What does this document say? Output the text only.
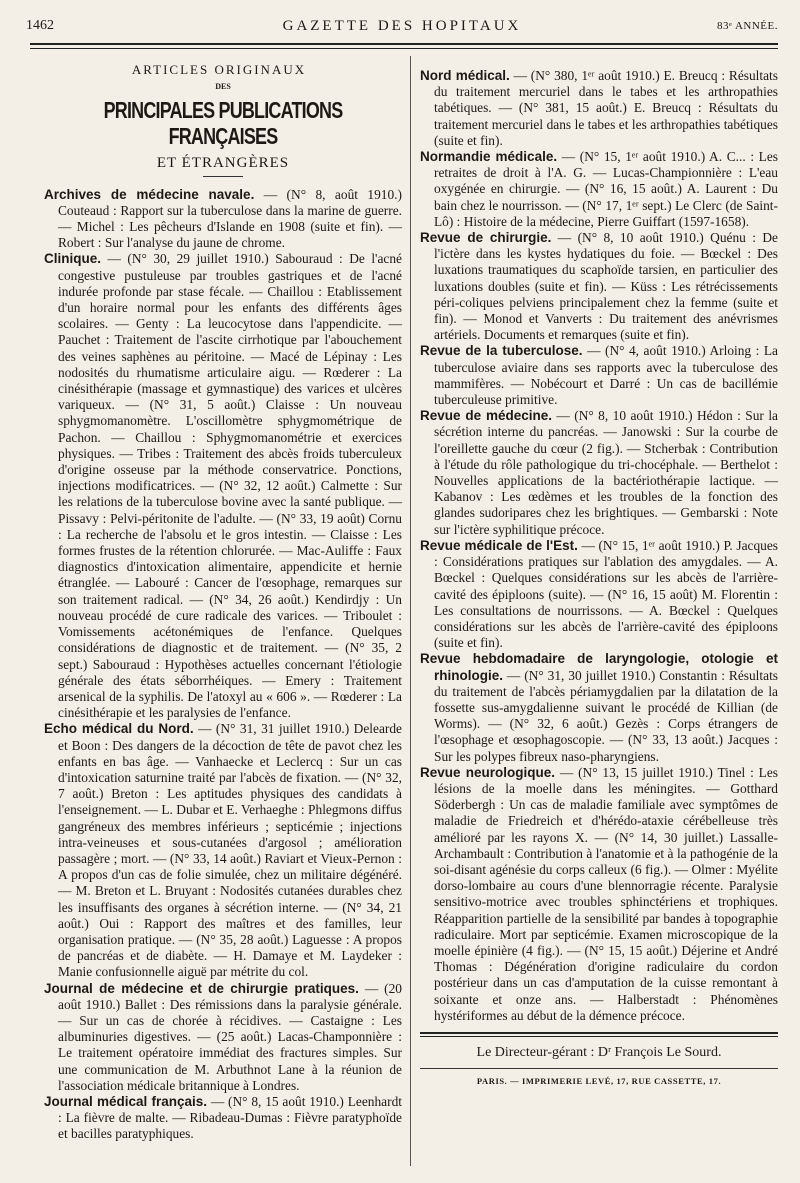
1462	GAZETTE DES HOPITAUX	83ᵉ ANNÉE.
ARTICLES ORIGINAUX
DES
PRINCIPALES PUBLICATIONS FRANÇAISES
ET ÉTRANGÈRES

Archives de médecine navale. — (N° 8, août 1910.) Couteaud : Rapport sur la tuberculose dans la marine de guerre. — Michel : Les pêcheurs d'Islande en 1908 (suite et fin). — Robert : Sur l'analyse du jaune de chrome.

Clinique. — (N° 30, 29 juillet 1910.) Sabouraud : De l'acné congestive pustuleuse par troubles gastriques et de l'acné indurée profonde par stase fécale. — Chaillou : Etablissement d'un horaire normal pour les enfants des différents âges scolaires. — Genty : La leucocytose dans l'appendicite. — Pauchet : Traitement de l'ascite cirrhotique par l'abouchement des veines saphènes au péritoine. — Macé de Lépinay : Les nodosités du rhumatisme articulaire aigu. — Rœderer : La cinésithérapie (massage et gymnastique) des varices et ulcères variqueux. — (N° 31, 5 août.) Claisse : Un nouveau sphygmomanomètre. L'oscillomètre sphygmométrique de Pachon. — Chaillou : Sphygmomanométrie et exercices physiques. — Tribes : Traitement des abcès froids tuberculeux d'origine osseuse par la méthode conservatrice. Ponctions, injections modificatrices. — (N° 32, 12 août.) Calmette : Sur les relations de la tuberculose bovine avec la santé publique. — Pissavy : Pelvi-péritonite de l'adulte. — (N° 33, 19 août) Cornu : La recherche de l'absolu et le gros intestin. — Claisse : Les formes frustes de la rétention chlorurée. — Mac-Auliffe : Faux diagnostics d'intoxication alimentaire, appendicite et hernie étranglée. — Labouré : Cancer de l'œsophage, remarques sur son traitement radical. — (N° 34, 26 août.) Kendirdjy : Un nouveau procédé de cure radicale des varices. — Triboulet : Vomissements acétonémiques de l'enfance. Quelques considérations de diagnostic et de traitement. — (N° 35, 2 sept.) Sabouraud : Hypothèses actuelles concernant l'étiologie générale des états séborrhéiques. — Emery : Traitement arsenical de la syphilis. De l'atoxyl au « 606 ». — Rœderer : La cinésithérapie et les paralysies de l'enfance.

Echo médical du Nord. — (N° 31, 31 juillet 1910.) Delearde et Boon : Des dangers de la décoction de tête de pavot chez les enfants en bas âge. — Vanhaecke et Leclercq : Sur un cas d'intoxication saturnine traité par l'abcès de fixation. — (N° 32, 7 août.) Breton : Les aptitudes physiques des candidats à l'enseignement. — L. Dubar et E. Verhaeghe : Phlegmons diffus gangréneux des membres inférieurs ; septicémie ; injections intra-veineuses et sous-cutanées d'argosol ; amélioration passagère ; mort. — (N° 33, 14 août.) Raviart et Vieux-Pernon : A propos d'un cas de folie simulée, chez un militaire dégénéré. — M. Breton et L. Bruyant : Nodosités cutanées durables chez les insuffisants des organes à sécrétion interne. — (N° 34, 21 août.) Oui : Rapport des maîtres et des familles, leur organisation pratique. — (N° 35, 28 août.) Laguesse : A propos de pancréas et de diabète. — H. Damaye et M. Laydeker : Manie confusionnelle aiguë par métrite du col.

Journal de médecine et de chirurgie pratiques. — (20 août 1910.) Ballet : Des rémissions dans la paralysie générale. — Sur un cas de chorée à récidives. — Castaigne : Les albuminuries digestives. — (25 août.) Lacas-Champonnière : Le traitement opératoire immédiat des fractures simples. Sur une communication de M. Arbuthnot Lane à la réunion de l'association médicale britannique à Londres.

Journal médical français. — (N° 8, 15 août 1910.) Leenhardt : La fièvre de malte. — Ribadeau-Dumas : Fièvre paratyphoïde et bacilles paratyphiques.

Nord médical. — (N° 380, 1ᵉʳ août 1910.) E. Breucq : Résultats du traitement mercuriel dans le tabes et les arthropathies tabétiques. — (N° 381, 15 août.) E. Breucq : Résultats du traitement mercuriel dans le tabes et les arthropathies tabétiques (suite et fin).

Normandie médicale. — (N° 15, 1ᵉʳ août 1910.) A. C... : Les retraites de droit à l'A. G. — Lucas-Championnière : L'eau oxygénée en chirurgie. — (N° 16, 15 août.) A. Laurent : Du bain chez le nourrisson. — (N° 17, 1ᵉʳ sept.) Le Clerc (de Saint-Lô) : Histoire de la médecine, Pierre Guiffart (1597-1658).

Revue de chirurgie. — (N° 8, 10 août 1910.) Quénu : De l'ictère dans les kystes hydatiques du foie. — Bœckel : Des luxations traumatiques du scaphoïde tarsien, en particulier des luxations doubles (suite et fin). — Küss : Les rétrécissements péri-coliques pelviens principalement chez la femme (suite et fin). — Monod et Vanverts : Du traitement des anévrismes artériels. Documents et remarques (suite et fin).

Revue de la tuberculose. — (N° 4, août 1910.) Arloing : La tuberculose aviaire dans ses rapports avec la tuberculose des mammifères. — Nobécourt et Darré : Un cas de bacillémie tuberculeuse primitive.

Revue de médecine. — (N° 8, 10 août 1910.) Hédon : Sur la sécrétion interne du pancréas. — Janowski : Sur la courbe de l'oreillette gauche du cœur (2 fig.). — Stcherbak : Contribution à l'étude du rôle pathologique du tri-chocéphale. — Berthelot : Nouvelles applications de la bactériothérapie lactique. — Kabanov : Les œdèmes et les troubles de la fonction des glandes sudoripares chez les brightiques. — Gembarski : Note sur l'ictère syphilitique précoce.

Revue médicale de l'Est. — (N° 15, 1ᵉʳ août 1910.) P. Jacques : Considérations pratiques sur l'ablation des amygdales. — A. Bœckel : Quelques considérations sur les abcès de l'arrière-cavité des épiploons (suite). — (N° 16, 15 août) M. Florentin : Les consultations de nourrissons. — A. Bœckel : Quelques considérations sur les abcès de l'arrière-cavité des épiploons (suite et fin).

Revue hebdomadaire de laryngologie, otologie et rhinologie. — (N° 31, 30 juillet 1910.) Constantin : Résultats du traitement de l'abcès périamygdalien par la dilatation de la fossette sus-amygdalienne suivant le procédé de Killian (de Worms). — (N° 32, 6 août.) Gezès : Corps étrangers de l'œsophage et œsophagoscopie. — (N° 33, 13 août.) Jacques : Sur les polypes fibreux naso-pharyngiens.

Revue neurologique. — (N° 13, 15 juillet 1910.) Tinel : Les lésions de la moelle dans les méningites. — Gotthard Söderbergh : Un cas de maladie familiale avec symptômes de maladie de Friedreich et d'hérédo-ataxie cérébelleuse très amélioré par les rayons X. — (N° 14, 30 juillet.) Lassalle-Archambault : Contribution à l'anatomie et à la pathogénie de la soi-disant agénésie du corps calleux (6 fig.). — Olmer : Myélite dorso-lombaire au cours d'une blennorragie récente. Paralysie sensitivo-motrice avec troubles sphinctériens et trophiques. Réapparition partielle de la sensibilité par bandes à topographie radiculaire. Mort par septicémie. Examen microscopique de la moelle épinière (4 fig.). — (N° 15, 15 août.) Déjerine et André Thomas : Dégénération d'origine radiculaire du cordon postérieur dans un cas d'amputation de la cuisse remontant à soixante et onze ans. — Halberstadt : Phénomènes hystériformes au début de la démence précoce.

Le Directeur-gérant : Dʳ François Le Sourd.
PARIS. — IMPRIMERIE LEVÉ, 17, RUE CASSETTE, 17.
